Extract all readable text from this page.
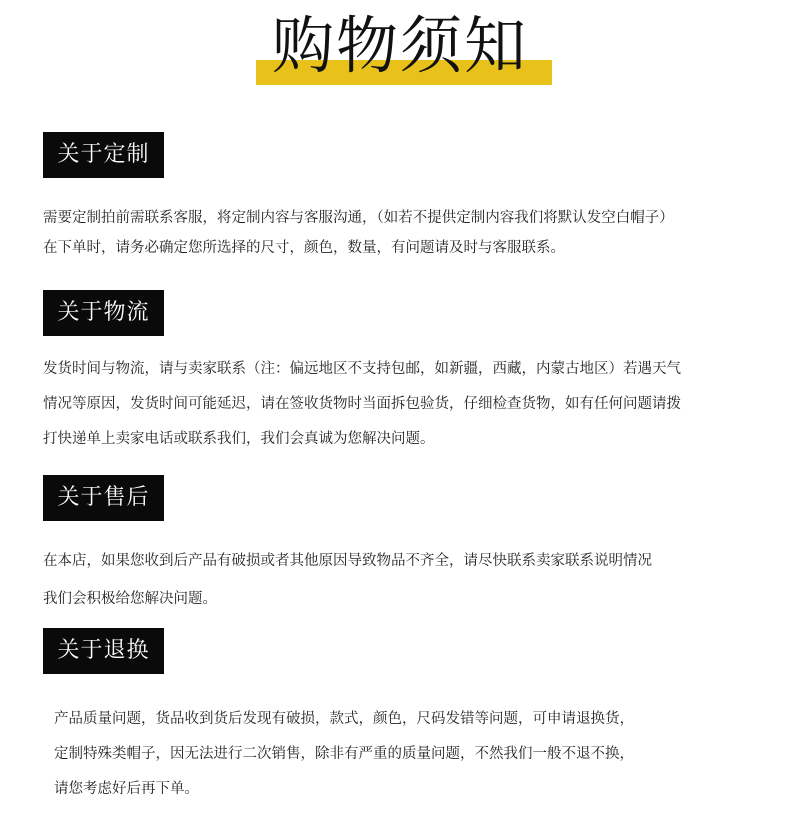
购物须知
关于定制
需要定制拍前需联系客服，将定制内容与客服沟通，（如若不提供定制内容我们将默认发空白帽子）
在下单时，请务必确定您所选择的尺寸，颜色，数量，有问题请及时与客服联系。
关于物流
发货时间与物流，请与卖家联系（注：偏远地区不支持包邮，如新疆，西藏，内蒙古地区）若遇天气
情况等原因，发货时间可能延迟，请在签收货物时当面拆包验货，仔细检查货物，如有任何问题请拨
打快递单上卖家电话或联系我们，我们会真诚为您解决问题。
关于售后
在本店，如果您收到后产品有破损或者其他原因导致物品不齐全，请尽快联系卖家联系说明情况
我们会积极给您解决问题。
关于退换
产品质量问题，货品收到货后发现有破损，款式，颜色，尺码发错等问题，可申请退换货，
定制特殊类帽子，因无法进行二次销售，除非有严重的质量问题，不然我们一般不退不换，
请您考虑好后再下单。
